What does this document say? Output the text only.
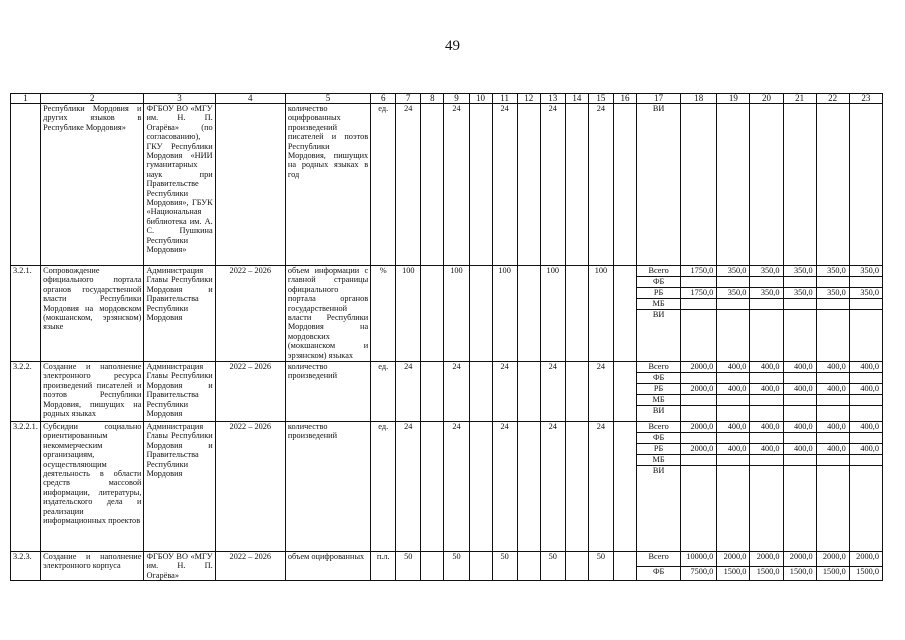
49
1	2	3	4	5	6	7	8	9	10	11	12	13	14	15	16	17	18	19	20	21	22	23
	Республики Мордовия и других языков в Республике Мордовия»	ФГБОУ ВО «МГУ им. Н. П. Огарёва» (по согласованию), ГКУ Республики Мордовия «НИИ гуманитарных наук при Правительстве Республики Мордовия», ГБУК «Национальная библиотека им. А. С. Пушкина Республики Мордовия»		количество оцифрованных произведений писателей и поэтов Республики Мордовия, пишущих на родных языках в год	ед.	24		24		24		24		24		ВИ						
3.2.1.	Сопровождение официального портала органов государственной власти Республики Мордовия на мордовском (мокшанском, эрзянском) языке	Администрация Главы Республики Мордовия и Правительства Республики Мордовия	2022 – 2026	объем информации с главной страницы официального портала органов государственной власти Республики Мордовия на мордовских (мокшанском и эрзянском) языках	%	100		100		100		100		100		Всего	1750,0	350,0	350,0	350,0	350,0	350,0
																ФБ						
																РБ	1750,0	350,0	350,0	350,0	350,0	350,0
																МБ						
																ВИ						
3.2.2.	Создание и наполнение электронного ресурса произведений писателей и поэтов Республики Мордовия, пишущих на родных языках	Администрация Главы Республики Мордовия и Правительства Республики Мордовия	2022 – 2026	количество произведений	ед.	24		24		24		24		24		Всего	2000,0	400,0	400,0	400,0	400,0	400,0
																ФБ						
																РБ	2000,0	400,0	400,0	400,0	400,0	400,0
																МБ						
																ВИ						
3.2.2.1.	Субсидии социально ориентированным некоммерческим организациям, осуществляющим деятельность в области средств массовой информации, литературы, издательского дела и реализации информационных проектов	Администрация Главы Республики Мордовия и Правительства Республики Мордовия	2022 – 2026	количество произведений	ед.	24		24		24		24		24		Всего	2000,0	400,0	400,0	400,0	400,0	400,0
																ФБ						
																РБ	2000,0	400,0	400,0	400,0	400,0	400,0
																МБ						
																ВИ						
3.2.3.	Создание и наполнение электронного корпуса	ФГБОУ ВО «МГУ им. Н. П. Огарёва»	2022 – 2026	объем оцифрованных	п.л.	50		50		50		50		50		Всего	10000,0	2000,0	2000,0	2000,0	2000,0	2000,0
																ФБ	7500,0	1500,0	1500,0	1500,0	1500,0	1500,0
